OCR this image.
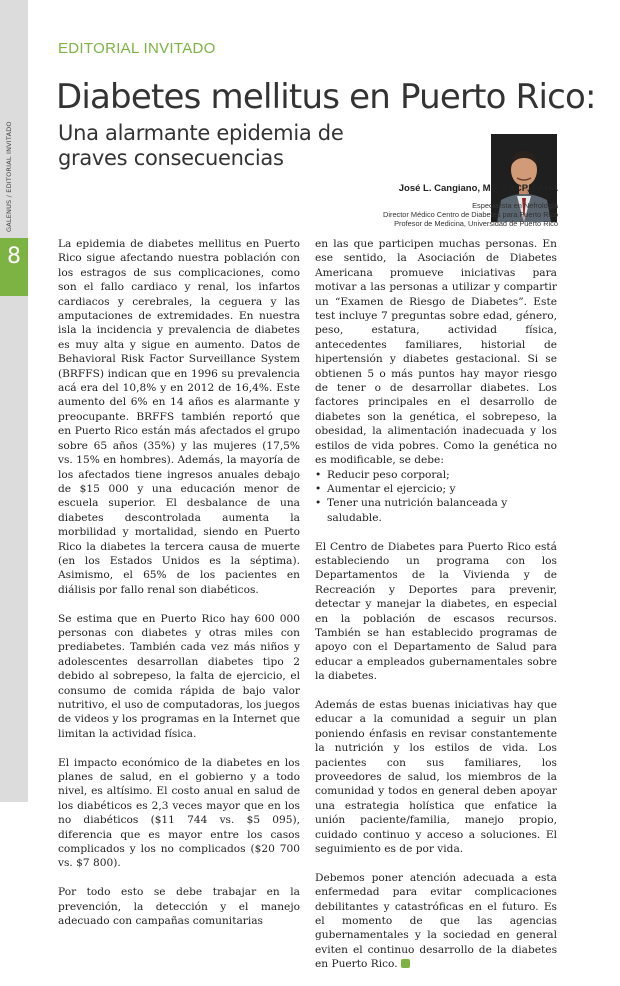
8
GALENUS / EDITORIAL INVITADO
EDITORIAL INVITADO
Diabetes mellitus en Puerto Rico:
Una alarmante epidemia de graves consecuencias
José L. Cangiano, MD, FACP, FAHA
Especialista en Nefrología
Director Médico Centro de Diabetes para Puerto Rico
Profesor de Medicina, Universidad de Puerto Rico

La epidemia de diabetes mellitus en Puerto Rico sigue afectando nuestra población con los estragos de sus complicaciones, como son el fallo cardiaco y renal, los infartos cardiacos y cerebrales, la ceguera y las amputaciones de extremidades. En nuestra isla la incidencia y prevalencia de diabetes es muy alta y sigue en aumento. Datos de Behavioral Risk Factor Surveillance System (BRFFS) indican que en 1996 su prevalencia acá era del 10,8% y en 2012 de 16,4%. Este aumento del 6% en 14 años es alarmante y preocupante. BRFFS también reportó que en Puerto Rico están más afectados el grupo sobre 65 años (35%) y las mujeres (17,5% vs. 15% en hombres). Además, la mayoría de los afectados tiene ingresos anuales debajo de $15 000 y una educación menor de escuela superior. El desbalance de una diabetes descontrolada aumenta la morbilidad y mortalidad, siendo en Puerto Rico la diabetes la tercera causa de muerte (en los Estados Unidos es la séptima). Asimismo, el 65% de los pacientes en diálisis por fallo renal son diabéticos.

Se estima que en Puerto Rico hay 600 000 personas con diabetes y otras miles con prediabetes. También cada vez más niños y adolescentes desarrollan diabetes tipo 2 debido al sobrepeso, la falta de ejercicio, el consumo de comida rápida de bajo valor nutritivo, el uso de computadoras, los juegos de videos y los programas en la Internet que limitan la actividad física.

El impacto económico de la diabetes en los planes de salud, en el gobierno y a todo nivel, es altísimo. El costo anual en salud de los diabéticos es 2,3 veces mayor que en los no diabéticos ($11 744 vs. $5 095), diferencia que es mayor entre los casos complicados y los no complicados ($20 700 vs. $7 800).

Por todo esto se debe trabajar en la prevención, la detección y el manejo adecuado con campañas comunitarias

en las que participen muchas personas. En ese sentido, la Asociación de Diabetes Americana promueve iniciativas para motivar a las personas a utilizar y compartir un “Examen de Riesgo de Diabetes”. Este test incluye 7 preguntas sobre edad, género, peso, estatura, actividad física, antecedentes familiares, historial de hipertensión y diabetes gestacional. Si se obtienen 5 o más puntos hay mayor riesgo de tener o de desarrollar diabetes. Los factores principales en el desarrollo de diabetes son la genética, el sobrepeso, la obesidad, la alimentación inadecuada y los estilos de vida pobres. Como la genética no es modificable, se debe:

• Reducir peso corporal;
• Aumentar el ejercicio; y
• Tener una nutrición balanceada y saludable.

El Centro de Diabetes para Puerto Rico está estableciendo un programa con los Departamentos de la Vivienda y de Recreación y Deportes para prevenir, detectar y manejar la diabetes, en especial en la población de escasos recursos. También se han establecido programas de apoyo con el Departamento de Salud para educar a empleados gubernamentales sobre la diabetes.

Además de estas buenas iniciativas hay que educar a la comunidad a seguir un plan poniendo énfasis en revisar constantemente la nutrición y los estilos de vida. Los pacientes con sus familiares, los proveedores de salud, los miembros de la comunidad y todos en general deben apoyar una estrategia holística que enfatice la unión paciente/familia, manejo propio, cuidado continuo y acceso a soluciones. El seguimiento es de por vida.

Debemos poner atención adecuada a esta enfermedad para evitar complicaciones debilitantes y catastróficas en el futuro. Es el momento de que las agencias gubernamentales y la sociedad en general eviten el continuo desarrollo de la diabetes en Puerto Rico.
